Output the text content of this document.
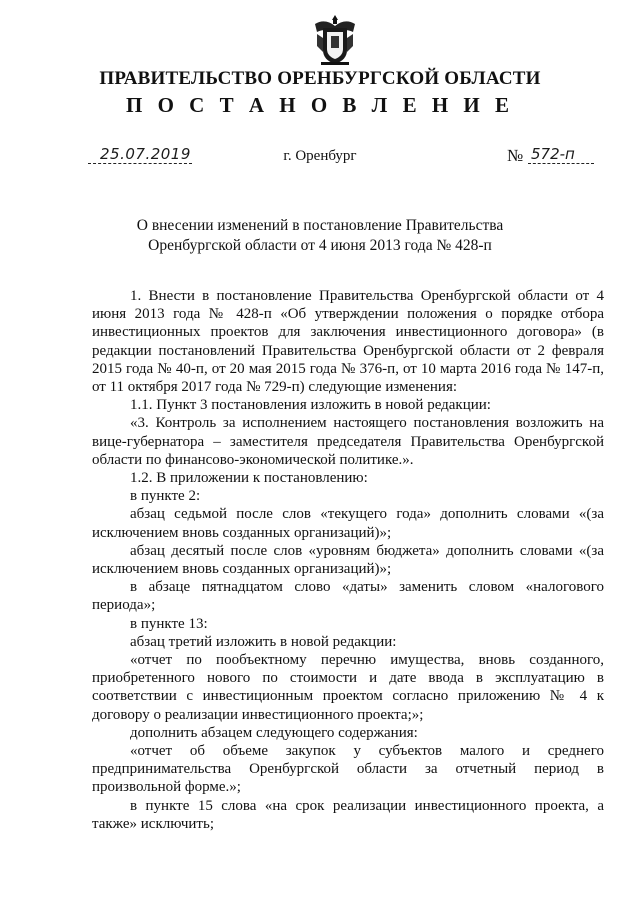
ПРАВИТЕЛЬСТВО ОРЕНБУРГСКОЙ ОБЛАСТИ
П О С Т А Н О В Л Е Н И Е
25.07.2019	г. Оренбург	№ 572-п
О внесении изменений в постановление Правительства
Оренбургской области от 4 июня 2013 года № 428-п

1. Внести в постановление Правительства Оренбургской области от 4 июня 2013 года № 428-п «Об утверждении положения о порядке отбора инвестиционных проектов для заключения инвестиционного договора» (в редакции постановлений Правительства Оренбургской области от 2 февраля 2015 года № 40-п, от 20 мая 2015 года № 376-п, от 10 марта 2016 года № 147-п, от 11 октября 2017 года № 729-п) следующие изменения:

1.1. Пункт 3 постановления изложить в новой редакции:

«3. Контроль за исполнением настоящего постановления возложить на вице-губернатора – заместителя председателя Правительства Оренбургской области по финансово-экономической политике.».

1.2. В приложении к постановлению:

в пункте 2:

абзац седьмой после слов «текущего года» дополнить словами «(за исключением вновь созданных организаций)»;

абзац десятый после слов «уровням бюджета» дополнить словами «(за исключением вновь созданных организаций)»;

в абзаце пятнадцатом слово «даты» заменить словом «налогового периода»;

в пункте 13:

абзац третий изложить в новой редакции:

«отчет по пообъектному перечню имущества, вновь созданного, приобретенного нового по стоимости и дате ввода в эксплуатацию в соответствии с инвестиционным проектом согласно приложению № 4 к договору о реализации инвестиционного проекта;»;

дополнить абзацем следующего содержания:

«отчет об объеме закупок у субъектов малого и среднего предпринимательства Оренбургской области за отчетный период в произвольной форме.»;

в пункте 15 слова «на срок реализации инвестиционного проекта, а также» исключить;
